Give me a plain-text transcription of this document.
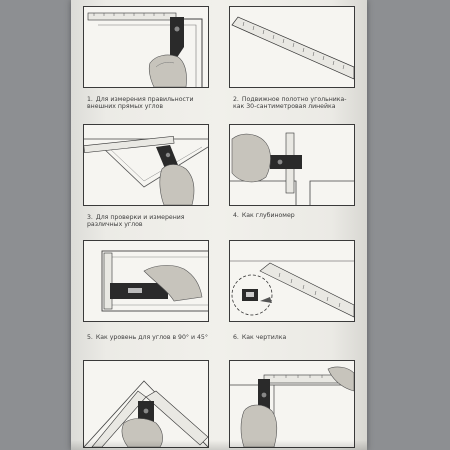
1. Для измерения правильности
внешних прямых углов
2. Подвижное полотно угольника-
как 30-сантиметровая линейка
3. Для проверки и измерения
различных углов
4. Как глубиномер
5. Как уровень для углов в 90° и 45°	6. Как чертилка
